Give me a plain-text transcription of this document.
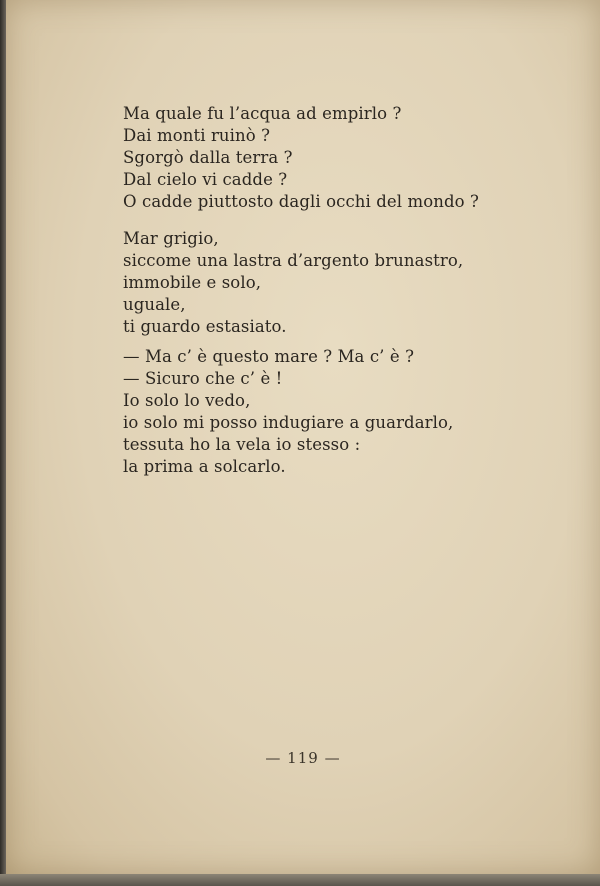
Ma quale fu l’acqua ad empirlo ?
Dai monti ruinò ?
Sgorgò dalla terra ?
Dal cielo vi cadde ?
O cadde piuttosto dagli occhi del mondo ?
Mar grigio,
siccome una lastra d’argento brunastro,
immobile e solo,
uguale,
ti guardo estasiato.
— Ma c’ è questo mare ? Ma c’ è ?
— Sicuro che c’ è !
Io solo lo vedo,
io solo mi posso indugiare a guardarlo,
tessuta ho la vela io stesso :
la prima a solcarlo.
— 119 —
